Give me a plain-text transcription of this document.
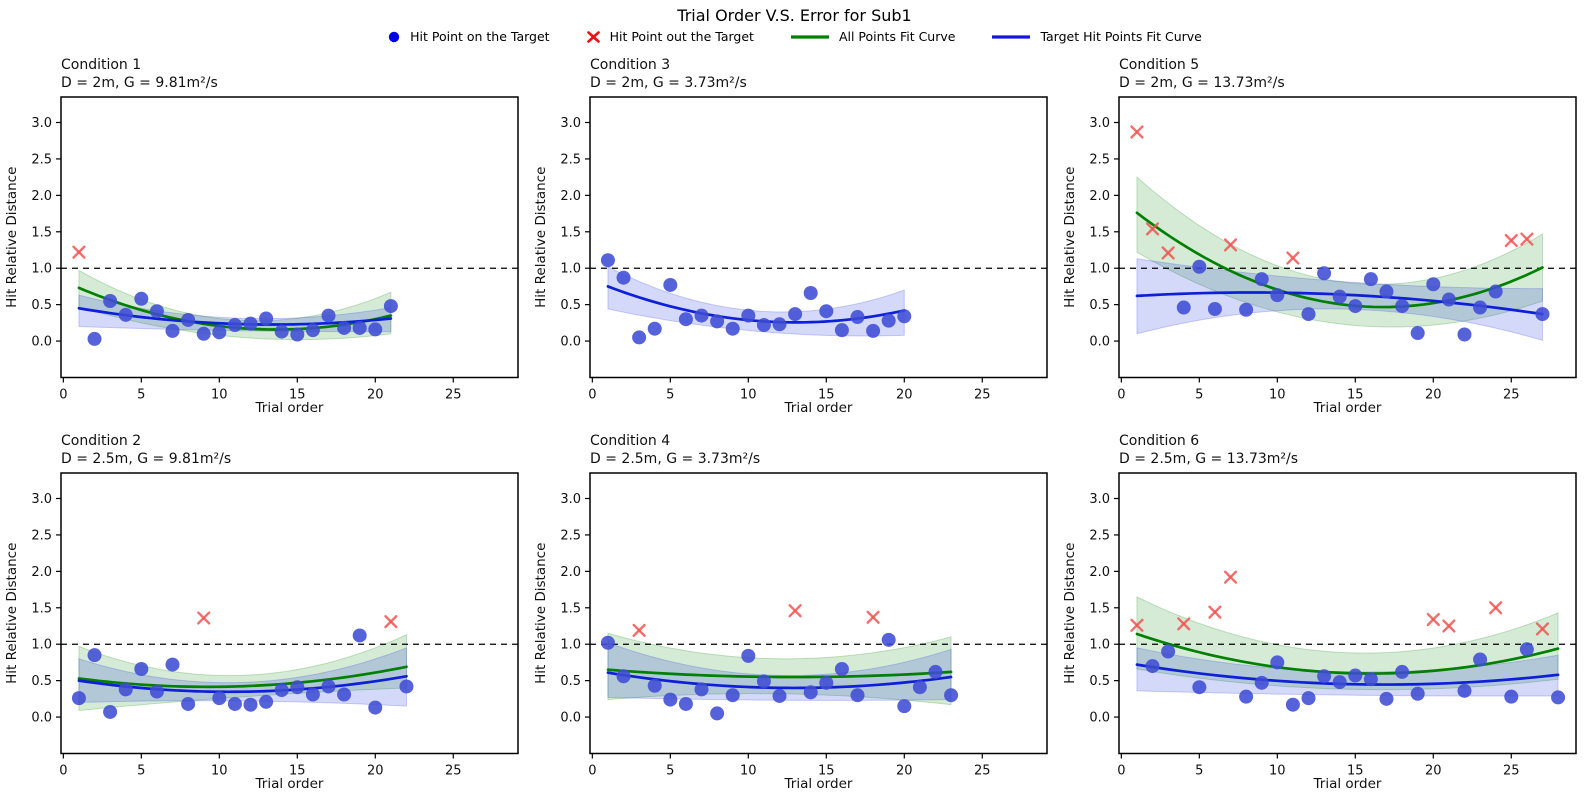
Trial Order V.S. Error for Sub1
Hit Point on the Target	Hit Point out the Target	All Points Fit Curve	Target Hit Points Fit Curve
0	5	10	15	20	25
0.0
0.5
1.0
1.5
2.0
2.5
3.0
Condition 1
D = 2m, G = 9.81m²/s
Trial order
Hit Relative Distance
0	5	10	15	20	25
0.0
0.5
1.0
1.5
2.0
2.5
3.0
Condition 3
D = 2m, G = 3.73m²/s
Trial order
Hit Relative Distance
0	5	10	15	20	25
0.0
0.5
1.0
1.5
2.0
2.5
3.0
Condition 5
D = 2m, G = 13.73m²/s
Trial order
Hit Relative Distance
0	5	10	15	20	25
0.0
0.5
1.0
1.5
2.0
2.5
3.0
Condition 2
D = 2.5m, G = 9.81m²/s
Trial order
Hit Relative Distance
0	5	10	15	20	25
0.0
0.5
1.0
1.5
2.0
2.5
3.0
Condition 4
D = 2.5m, G = 3.73m²/s
Trial order
Hit Relative Distance
0	5	10	15	20	25
0.0
0.5
1.0
1.5
2.0
2.5
3.0
Condition 6
D = 2.5m, G = 13.73m²/s
Trial order
Hit Relative Distance
